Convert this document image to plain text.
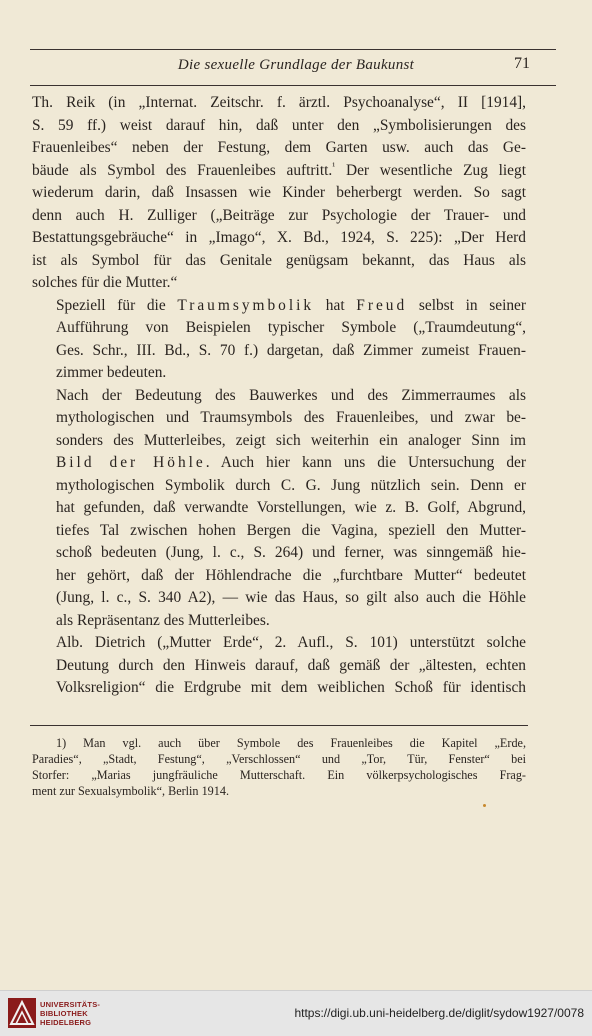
Die sexuelle Grundlage der Baukunst	71

Th. Reik (in „Internat. Zeitschr. f. ärztl. Psychoanalyse“, II [1914],
S. 59 ff.) weist darauf hin, daß unter den „Symbolisierungen des
Frauenleibes“ neben der Festung, dem Garten usw. auch das Ge-
bäude als Symbol des Frauenleibes auftritt.$^{^1}$ Der wesentliche Zug liegt
wiederum darin, daß Insassen wie Kinder beherbergt werden. So sagt
denn auch H. Zulliger („Beiträge zur Psychologie der Trauer- und
Bestattungsgebräuche“ in „Imago“, X. Bd., 1924, S. 225): „Der Herd
ist als Symbol für das Genitale genügsam bekannt, das Haus als
solches für die Mutter.“

Speziell für die Traumsymbolik hat Freud selbst in seiner
Aufführung von Beispielen typischer Symbole („Traumdeutung“,
Ges. Schr., III. Bd., S. 70 f.) dargetan, daß Zimmer zumeist Frauen-
zimmer bedeuten.

Nach der Bedeutung des Bauwerkes und des Zimmerraumes als
mythologischen und Traumsymbols des Frauenleibes, und zwar be-
sonders des Mutterleibes, zeigt sich weiterhin ein analoger Sinn im
Bild der Höhle. Auch hier kann uns die Untersuchung der
mythologischen Symbolik durch C. G. Jung nützlich sein. Denn er
hat gefunden, daß verwandte Vorstellungen, wie z. B. Golf, Abgrund,
tiefes Tal zwischen hohen Bergen die Vagina, speziell den Mutter-
schoß bedeuten (Jung, l. c., S. 264) und ferner, was sinngemäß hie-
her gehört, daß der Höhlendrache die „furchtbare Mutter“ bedeutet
(Jung, l. c., S. 340 A2), — wie das Haus, so gilt also auch die Höhle
als Repräsentanz des Mutterleibes.

Alb. Dietrich („Mutter Erde“, 2. Aufl., S. 101) unterstützt solche
Deutung durch den Hinweis darauf, daß gemäß der „ältesten, echten
Volksreligion“ die Erdgrube mit dem weiblichen Schoß für identisch

1) Man vgl. auch über Symbole des Frauenleibes die Kapitel „Erde,
Paradies“, „Stadt, Festung“, „Verschlossen“ und „Tor, Tür, Fenster“ bei
Storfer: „Marias jungfräuliche Mutterschaft. Ein völkerpsychologisches Frag-
ment zur Sexualsymbolik“, Berlin 1914.
UNIVERSITÄTS-
BIBLIOTHEK
HEIDELBERG
https://digi.ub.uni-heidelberg.de/diglit/sydow1927/0078
